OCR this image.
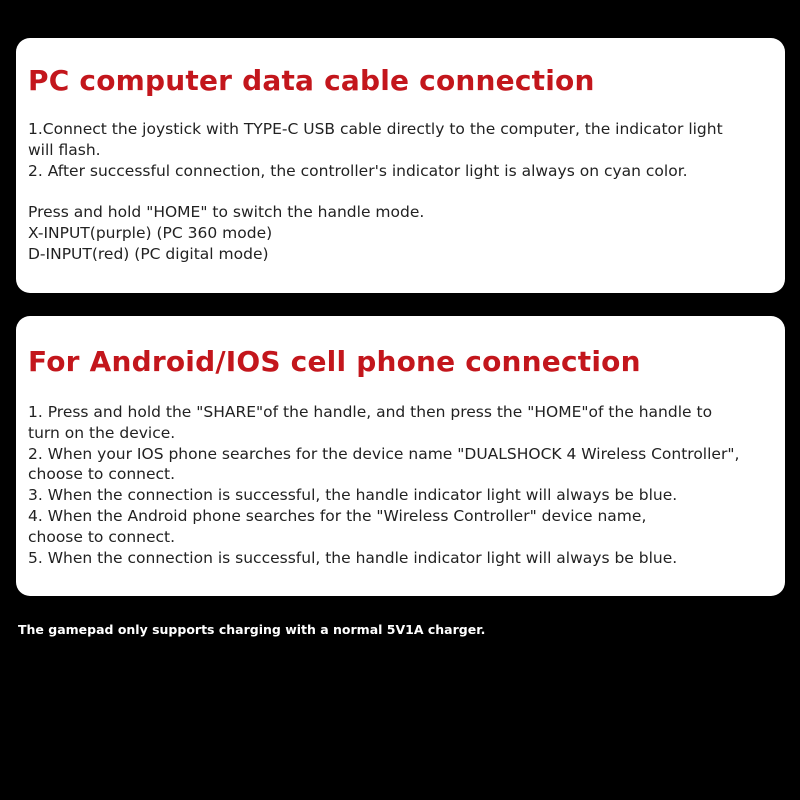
PC computer data cable connection
1.Connect the joystick with TYPE-C USB cable directly to the computer, the indicator light
will flash.
2. After successful connection, the controller's indicator light is always on cyan color.
Press and hold "HOME" to switch the handle mode.
X-INPUT(purple) (PC 360 mode)
D-INPUT(red) (PC digital mode)
For Android/IOS cell phone connection
1. Press and hold the "SHARE"of the handle, and then press the "HOME"of the handle to
turn on the device.
2. When your IOS phone searches for the device name "DUALSHOCK 4 Wireless Controller",
choose to connect.
3. When the connection is successful, the handle indicator light will always be blue.
4. When the Android phone searches for the "Wireless Controller" device name,
choose to connect.
5. When the connection is successful, the handle indicator light will always be blue.

The gamepad only supports charging with a normal 5V1A charger.
